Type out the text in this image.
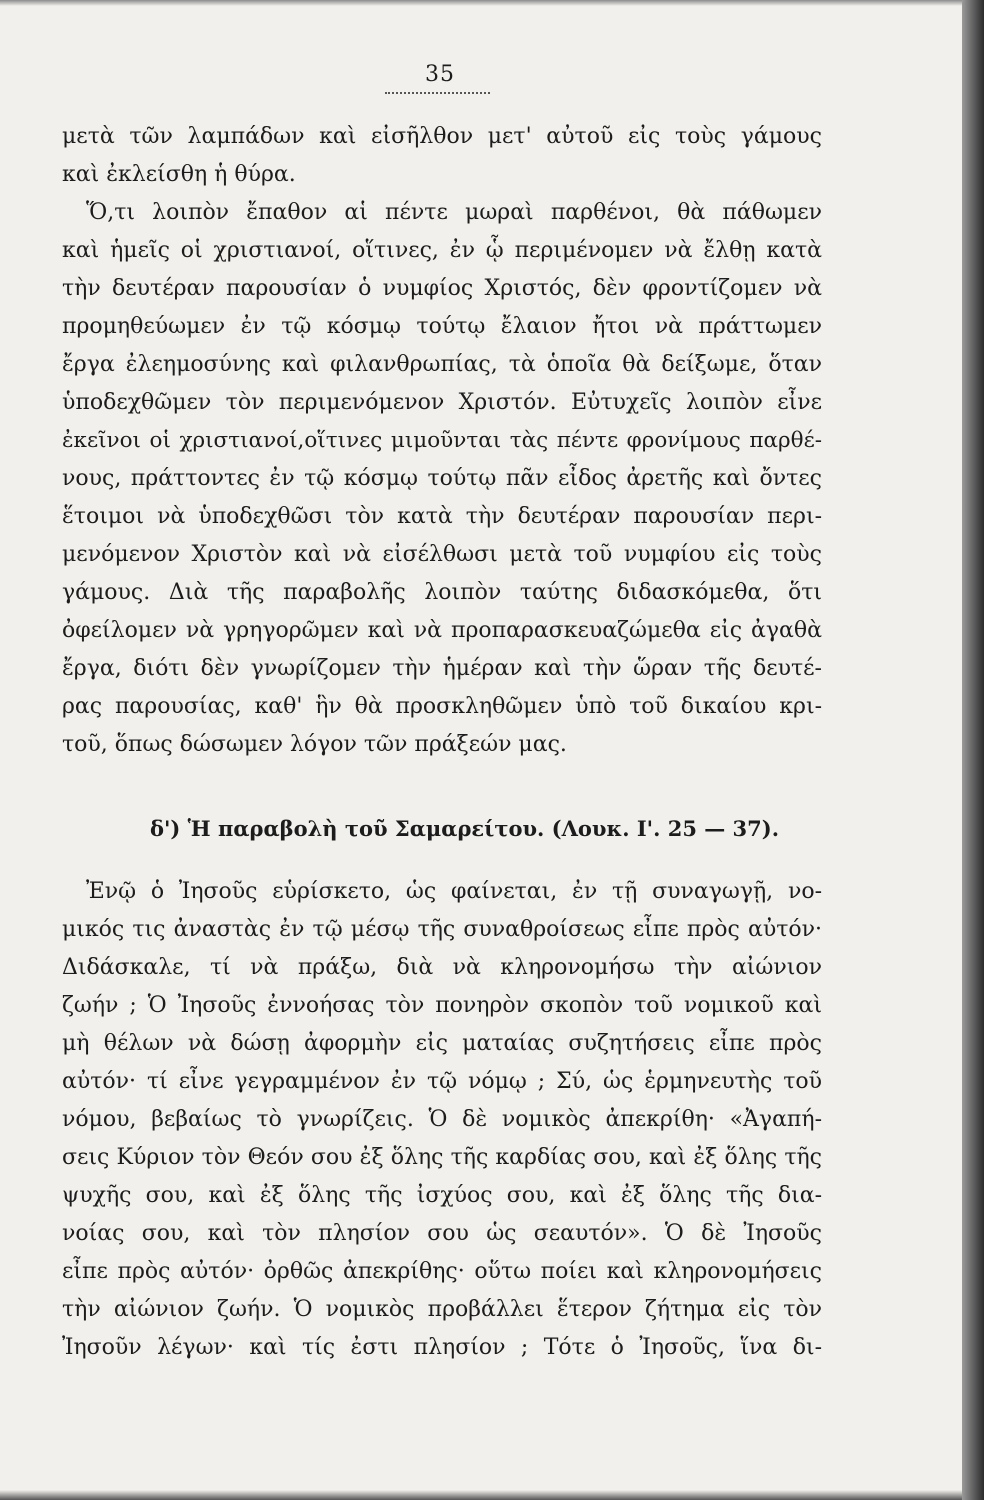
35
μετὰ τῶν λαμπάδων καὶ εἰσῆλθον μετ' αὐτοῦ εἰς τοὺς γάμους
καὶ ἐκλείσθη ἡ θύρα.
Ὅ,τι λοιπὸν ἔπαθον αἱ πέντε μωραὶ παρθένοι, θὰ πάθωμεν
καὶ ἡμεῖς οἱ χριστιανοί, οἵτινες, ἐν ᾧ περιμένομεν νὰ ἔλθῃ κατὰ
τὴν δευτέραν παρουσίαν ὁ νυμφίος Χριστός, δὲν φροντίζομεν νὰ
προμηθεύωμεν ἐν τῷ κόσμῳ τούτῳ ἔλαιον ἤτοι νὰ πράττωμεν
ἔργα ἐλεημοσύνης καὶ φιλανθρωπίας, τὰ ὁποῖα θὰ δείξωμε, ὅταν
ὑποδεχθῶμεν τὸν περιμενόμενον Χριστόν. Εὐτυχεῖς λοιπὸν εἶνε
ἐκεῖνοι οἱ χριστιανοί,οἵτινες μιμοῦνται τὰς πέντε φρονίμους παρθέ-
νους, πράττοντες ἐν τῷ κόσμῳ τούτῳ πᾶν εἶδος ἀρετῆς καὶ ὄντες
ἕτοιμοι νὰ ὑποδεχθῶσι τὸν κατὰ τὴν δευτέραν παρουσίαν περι-
μενόμενον Χριστὸν καὶ νὰ εἰσέλθωσι μετὰ τοῦ νυμφίου εἰς τοὺς
γάμους. Διὰ τῆς παραβολῆς λοιπὸν ταύτης διδασκόμεθα, ὅτι
ὀφείλομεν νὰ γρηγορῶμεν καὶ νὰ προπαρασκευαζώμεθα εἰς ἀγαθὰ
ἔργα, διότι δὲν γνωρίζομεν τὴν ἡμέραν καὶ τὴν ὥραν τῆς δευτέ-
ρας παρουσίας, καθ' ἣν θὰ προσκληθῶμεν ὑπὸ τοῦ δικαίου κρι-
τοῦ, ὅπως δώσωμεν λόγον τῶν πράξεών μας.
δ') Ἡ παραβολὴ τοῦ Σαμαρείτου. (Λουκ. Ι'. 25 — 37).
Ἐνῷ ὁ Ἰησοῦς εὑρίσκετο, ὡς φαίνεται, ἐν τῇ συναγωγῇ, νο-
μικός τις ἀναστὰς ἐν τῷ μέσῳ τῆς συναθροίσεως εἶπε πρὸς αὐτόν·
Διδάσκαλε, τί νὰ πράξω, διὰ νὰ κληρονομήσω τὴν αἰώνιον
ζωήν ; Ὁ Ἰησοῦς ἐννοήσας τὸν πονηρὸν σκοπὸν τοῦ νομικοῦ καὶ
μὴ θέλων νὰ δώσῃ ἀφορμὴν εἰς ματαίας συζητήσεις εἶπε πρὸς
αὐτόν· τί εἶνε γεγραμμένον ἐν τῷ νόμῳ ; Σύ, ὡς ἑρμηνευτὴς τοῦ
νόμου, βεβαίως τὸ γνωρίζεις. Ὁ δὲ νομικὸς ἀπεκρίθη· «Ἀγαπή-
σεις Κύριον τὸν Θεόν σου ἐξ ὅλης τῆς καρδίας σου, καὶ ἐξ ὅλης τῆς
ψυχῆς σου, καὶ ἐξ ὅλης τῆς ἰσχύος σου, καὶ ἐξ ὅλης τῆς δια-
νοίας σου, καὶ τὸν πλησίον σου ὡς σεαυτόν». Ὁ δὲ Ἰησοῦς
εἶπε πρὸς αὐτόν· ὀρθῶς ἀπεκρίθης· οὕτω ποίει καὶ κληρονομήσεις
τὴν αἰώνιον ζωήν. Ὁ νομικὸς προβάλλει ἕτερον ζήτημα εἰς τὸν
Ἰησοῦν λέγων· καὶ τίς ἐστι πλησίον ; Τότε ὁ Ἰησοῦς, ἵνα δι-
